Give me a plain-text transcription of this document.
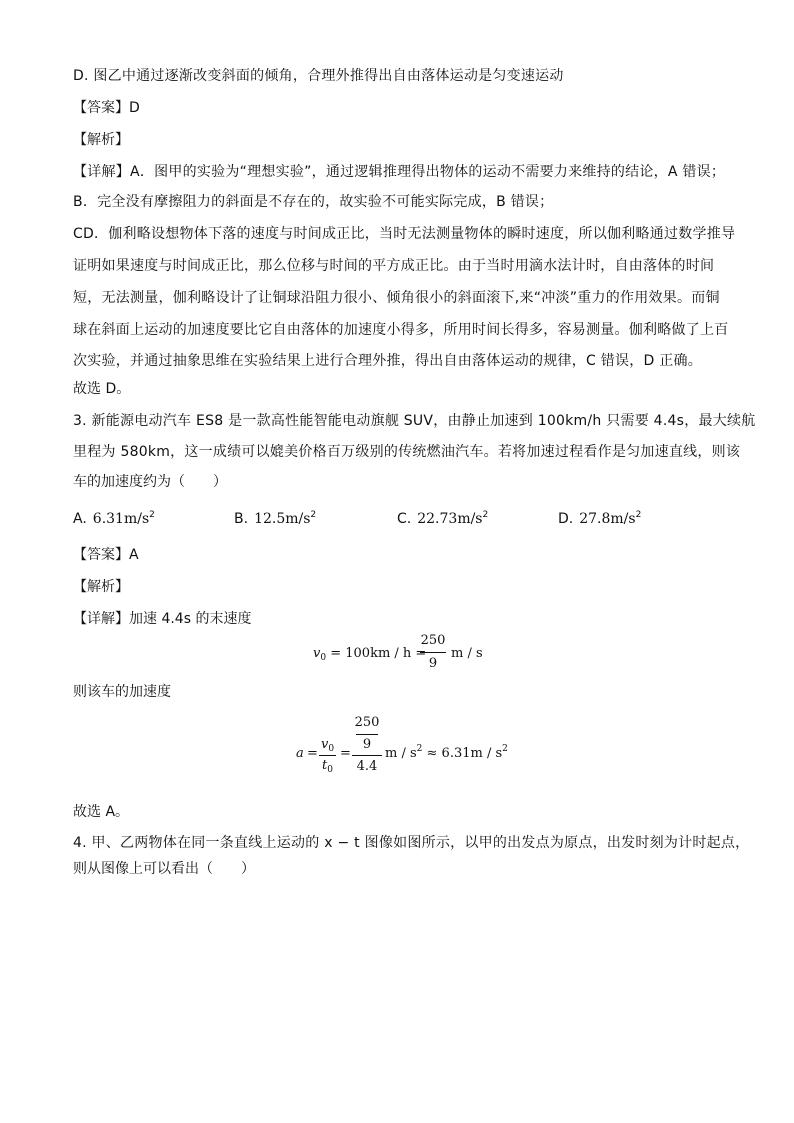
D. 图乙中通过逐渐改变斜面的倾角，合理外推得出自由落体运动是匀变速运动
【答案】D
【解析】
【详解】A．图甲的实验为“理想实验”，通过逻辑推理得出物体的运动不需要力来维持的结论，A 错误；
B．完全没有摩擦阻力的斜面是不存在的，故实验不可能实际完成，B 错误；
CD．伽利略设想物体下落的速度与时间成正比，当时无法测量物体的瞬时速度，所以伽利略通过数学推导
证明如果速度与时间成正比，那么位移与时间的平方成正比。由于当时用滴水法计时，自由落体的时间
短，无法测量，伽利略设计了让铜球沿阻力很小、倾角很小的斜面滚下,来“冲淡”重力的作用效果。而铜
球在斜面上运动的加速度要比它自由落体的加速度小得多，所用时间长得多，容易测量。伽利略做了上百
次实验，并通过抽象思维在实验结果上进行合理外推，得出自由落体运动的规律，C 错误，D 正确。
故选 D。
3. 新能源电动汽车 ES8 是一款高性能智能电动旗舰 SUV，由静止加速到 100km/h 只需要 4.4s，最大续航
里程为 580km，这一成绩可以媲美价格百万级别的传统燃油汽车。若将加速过程看作是匀加速直线，则该
车的加速度约为（　　）
A. $6.31m/s^2$	B. $12.5m/s^2$	C. $22.73m/s^2$	D. $27.8m/s^2$
【答案】A
【解析】
【详解】加速 4.4s 的末速度
$v_0 = 100km / h$ =
250
9
m / s
则该车的加速度
a =
$v_0$
$t_0$
=
250
9
4.4
$m / s^2 \approx 6.31m / s^2$
故选 A。
4. 甲、乙两物体在同一条直线上运动的 x − t 图像如图所示，以甲的出发点为原点，出发时刻为计时起点，
则从图像上可以看出（　　）
